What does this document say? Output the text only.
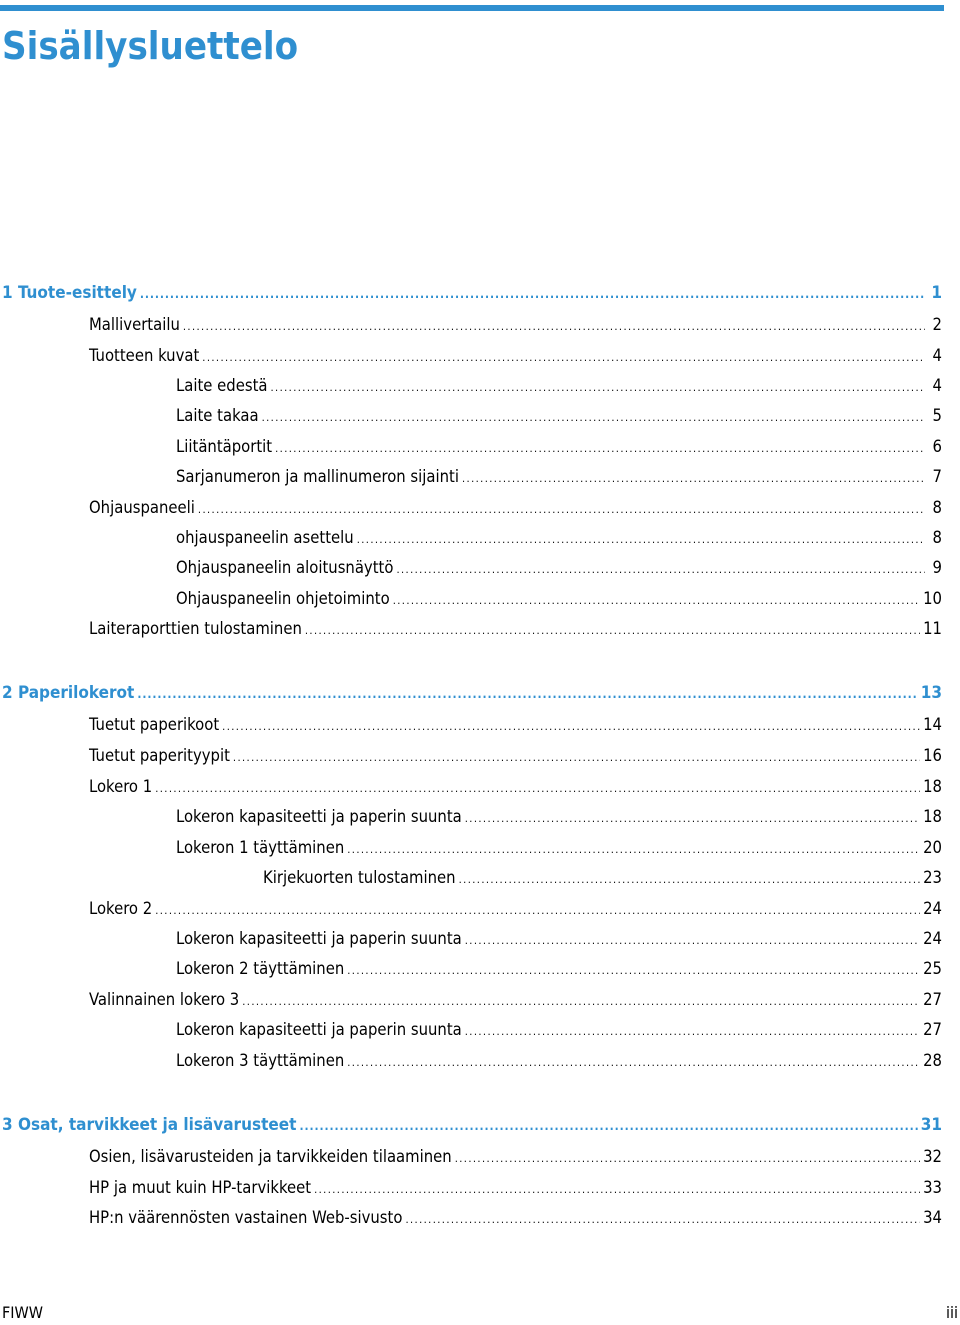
Sisällysluettelo
1 Tuote-esittely .....	1
Mallivertailu .....	2
Tuotteen kuvat .....	4
Laite edestä .....	4
Laite takaa .....	5
Liitäntäportit .....	6
Sarjanumeron ja mallinumeron sijainti .....	7
Ohjauspaneeli .....	8
ohjauspaneelin asettelu .....	8
Ohjauspaneelin aloitusnäyttö .....	9
Ohjauspaneelin ohjetoiminto .....	10
Laiteraporttien tulostaminen .....	11
2 Paperilokerot .....	13
Tuetut paperikoot .....	14
Tuetut paperityypit .....	16
Lokero 1 .....	18
Lokeron kapasiteetti ja paperin suunta .....	18
Lokeron 1 täyttäminen .....	20
Kirjekuorten tulostaminen .....	23
Lokero 2 .....	24
Lokeron kapasiteetti ja paperin suunta .....	24
Lokeron 2 täyttäminen .....	25
Valinnainen lokero 3 .....	27
Lokeron kapasiteetti ja paperin suunta .....	27
Lokeron 3 täyttäminen .....	28
3 Osat, tarvikkeet ja lisävarusteet .....	31
Osien, lisävarusteiden ja tarvikkeiden tilaaminen .....	32
HP ja muut kuin HP-tarvikkeet .....	33
HP:n väärennösten vastainen Web-sivusto .....	34
FIWW	iii
